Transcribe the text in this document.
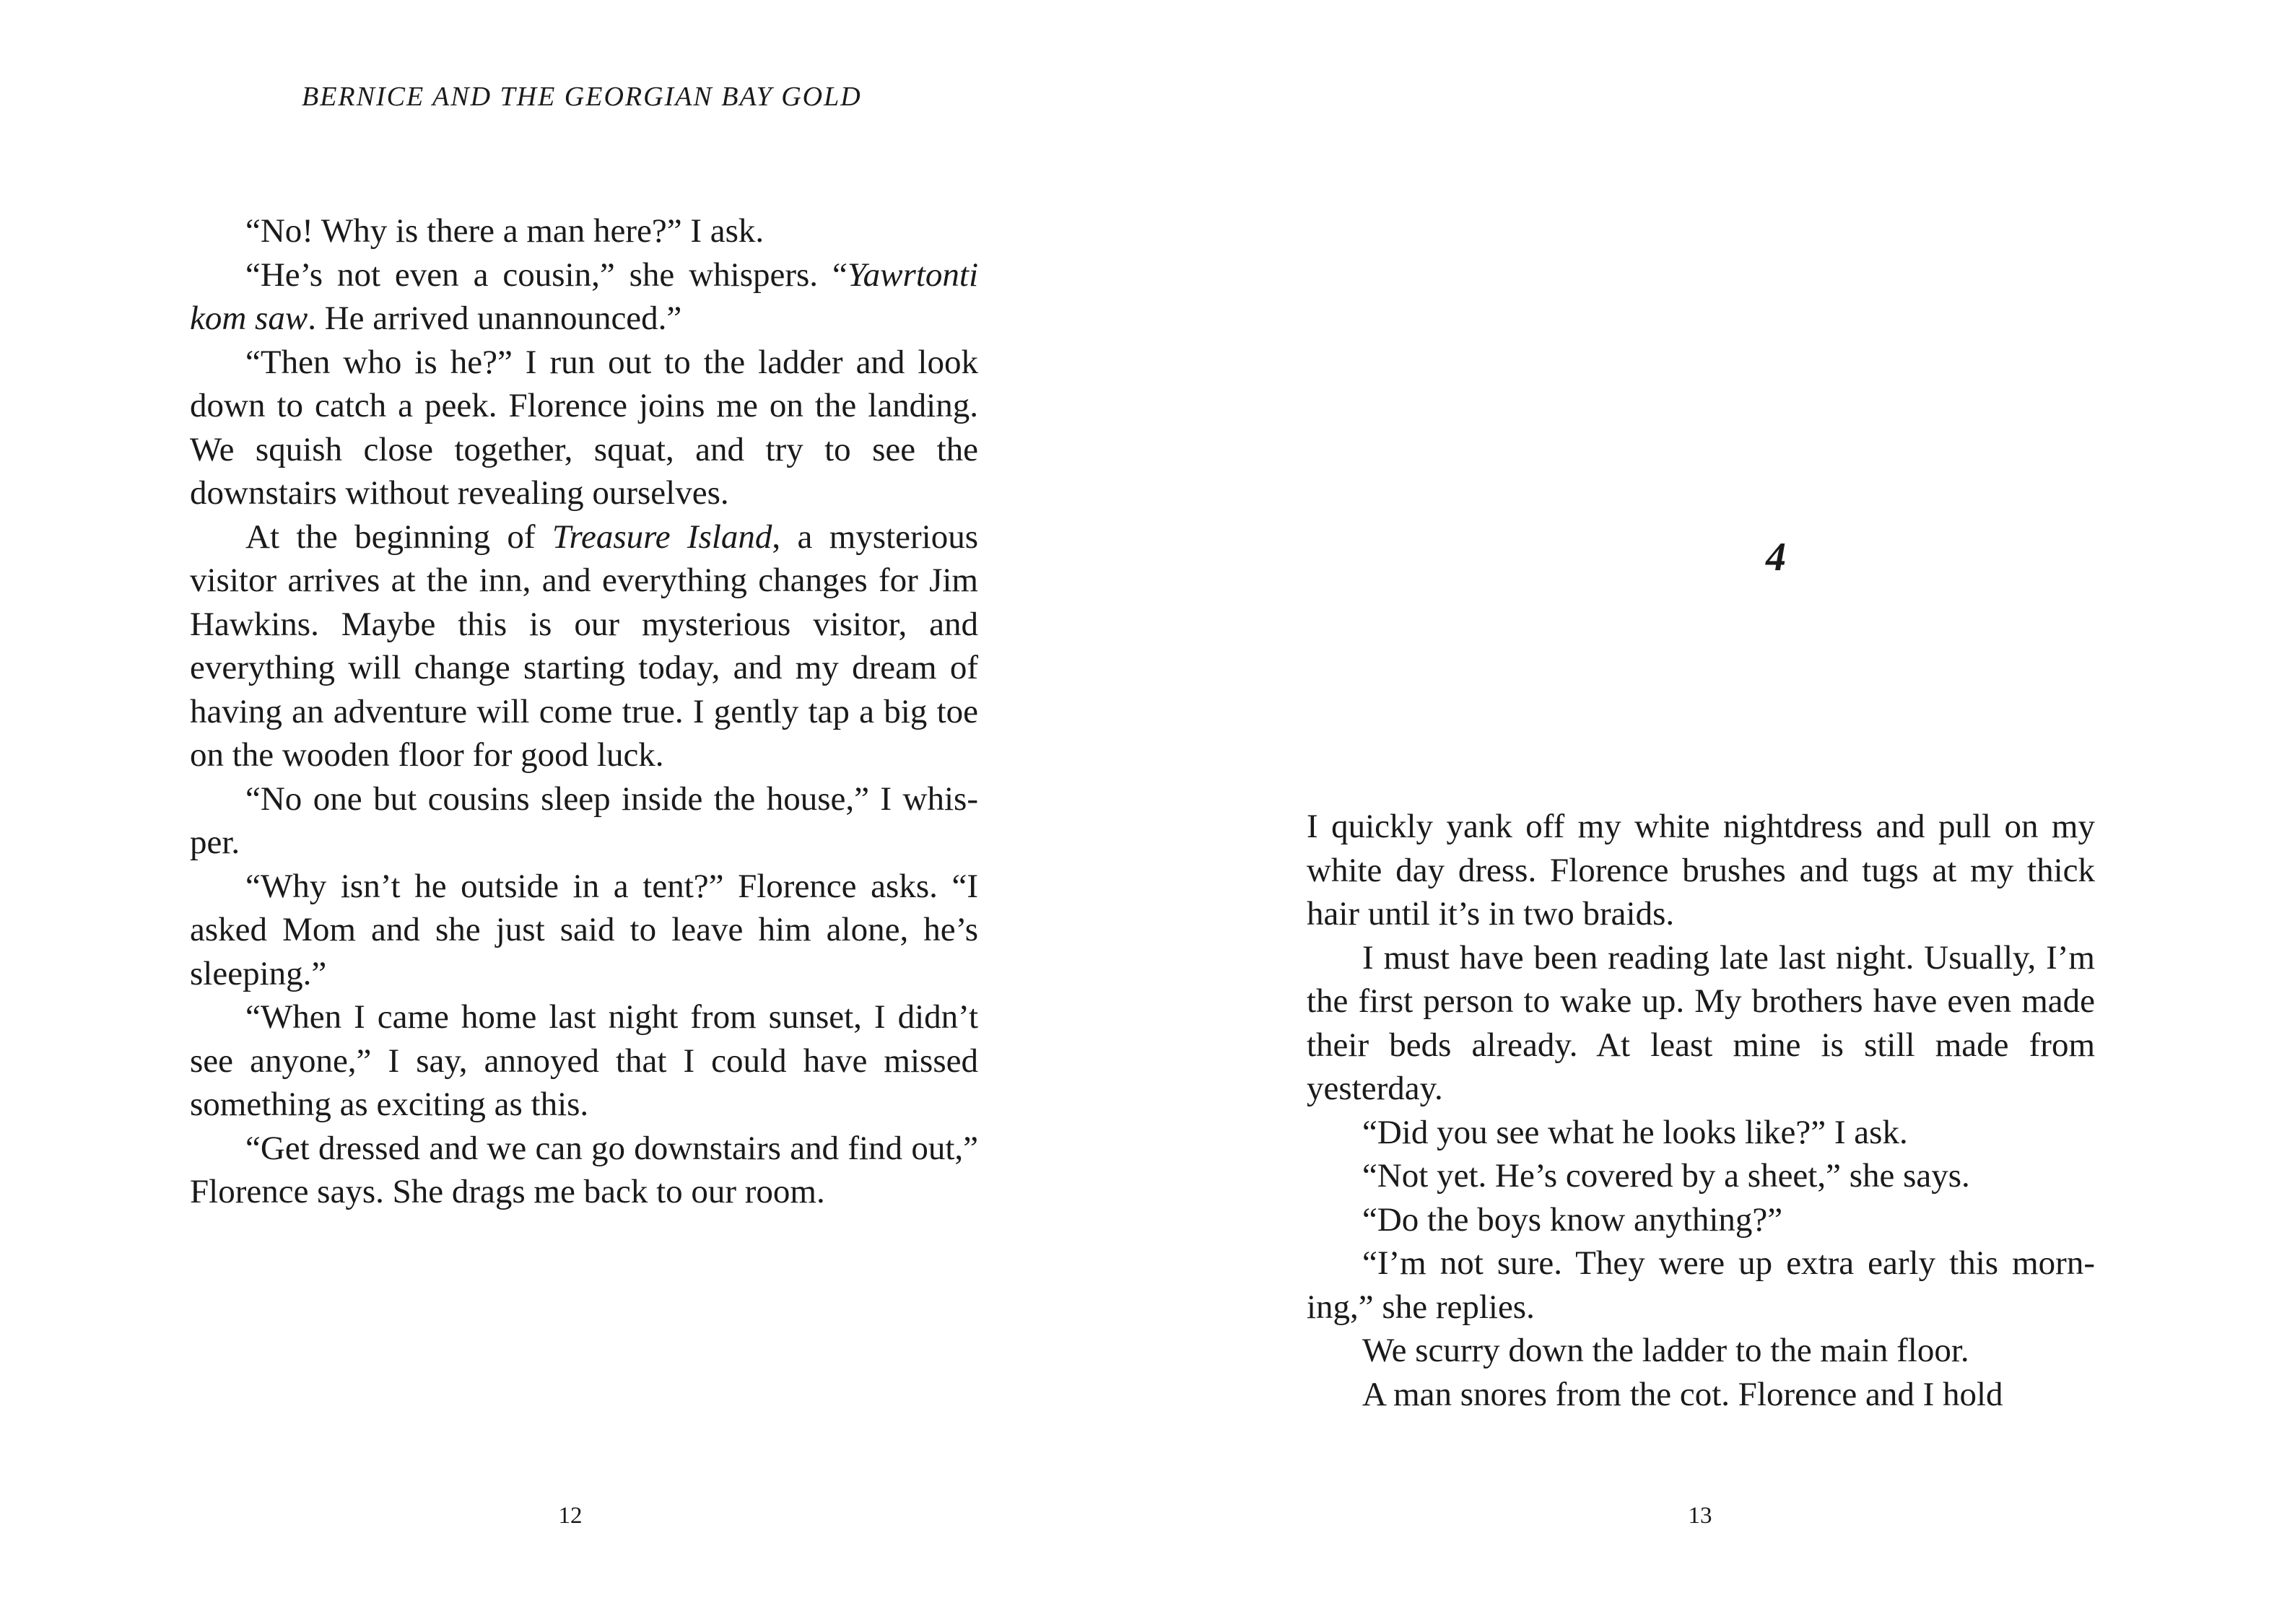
BERNICE AND THE GEORGIAN BAY GOLD

“No! Why is there a man here?” I ask.

“He’s not even a cousin,” she whispers. “Yawrtonti kom saw. He arrived unannounced.”

“Then who is he?” I run out to the ladder and look down to catch a peek. Florence joins me on the landing. We squish close together, squat, and try to see the downstairs without revealing ourselves.

At the beginning of Treasure Island, a mysterious visitor arrives at the inn, and everything changes for Jim Hawkins. Maybe this is our mysterious visitor, and everything will change starting today, and my dream of having an adventure will come true. I gently tap a big toe on the wooden floor for good luck.

“No one but cousins sleep inside the house,” I whisper.

“Why isn’t he outside in a tent?” Florence asks. “I asked Mom and she just said to leave him alone, he’s sleeping.”

“When I came home last night from sunset, I didn’t see anyone,” I say, annoyed that I could have missed something as exciting as this.

“Get dressed and we can go downstairs and find out,” Florence says. She drags me back to our room.

12
4

I quickly yank off my white nightdress and pull on my white day dress. Florence brushes and tugs at my thick hair until it’s in two braids.

I must have been reading late last night. Usually, I’m the first person to wake up. My brothers have even made their beds already. At least mine is still made from yesterday.

“Did you see what he looks like?” I ask.

“Not yet. He’s covered by a sheet,” she says.

“Do the boys know anything?”

“I’m not sure. They were up extra early this morning,” she replies.

We scurry down the ladder to the main floor.

A man snores from the cot. Florence and I hold

13
